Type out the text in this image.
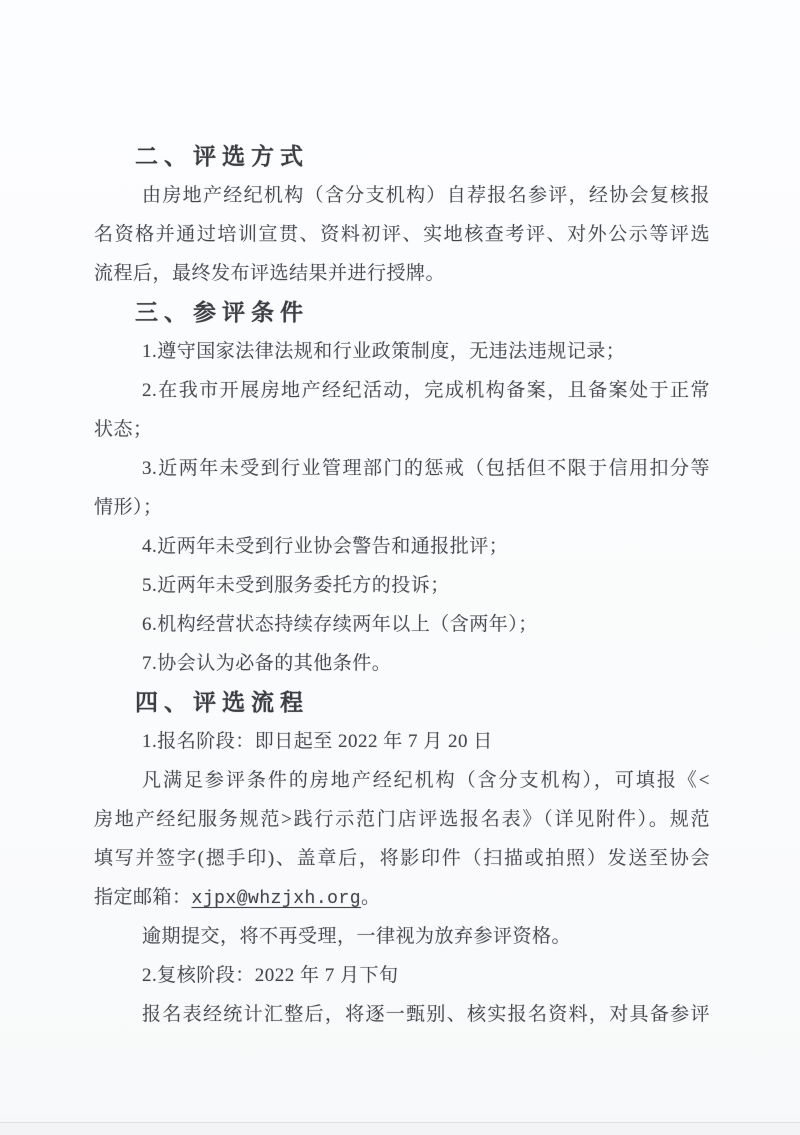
二、评选方式
由房地产经纪机构（含分支机构）自荐报名参评，经协会复核报
名资格并通过培训宣贯、资料初评、实地核查考评、对外公示等评选
流程后，最终发布评选结果并进行授牌。
三、参评条件
1.遵守国家法律法规和行业政策制度，无违法违规记录；
2.在我市开展房地产经纪活动，完成机构备案，且备案处于正常
状态；
3.近两年未受到行业管理部门的惩戒（包括但不限于信用扣分等
情形）；
4.近两年未受到行业协会警告和通报批评；
5.近两年未受到服务委托方的投诉；
6.机构经营状态持续存续两年以上（含两年）；
7.协会认为必备的其他条件。
四、评选流程
1.报名阶段：即日起至 2022 年 7 月 20 日
凡满足参评条件的房地产经纪机构（含分支机构），可填报《<
房地产经纪服务规范>践行示范门店评选报名表》（详见附件）。规范
填写并签字(摁手印)、盖章后，将影印件（扫描或拍照）发送至协会
指定邮箱：xjpx@whzjxh.org。
逾期提交，将不再受理，一律视为放弃参评资格。
2.复核阶段：2022 年 7 月下旬
报名表经统计汇整后，将逐一甄别、核实报名资料，对具备参评
